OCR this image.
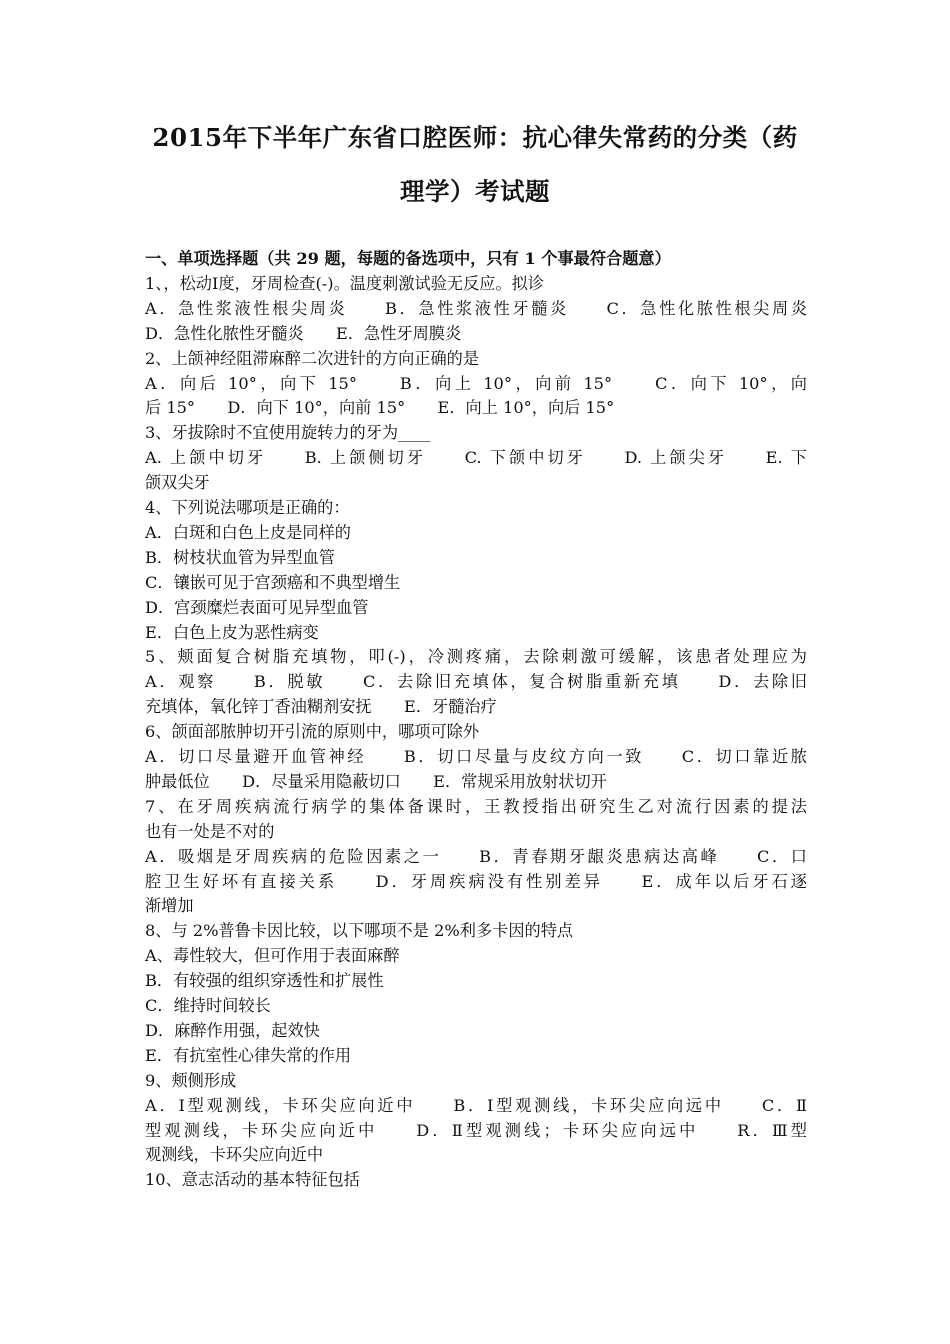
2015年下半年广东省口腔医师：抗心律失常药的分类（药
理学）考试题
一、单项选择题（共 29 题，每题的备选项中，只有 1 个事最符合题意）
1、，松动Ⅰ度，牙周检查(-)。温度刺激试验无反应。拟诊
A．急性浆液性根尖周炎　　B．急性浆液性牙髓炎　　C．急性化脓性根尖周炎
D．急性化脓性牙髓炎　　E．急性牙周膜炎
2、上颌神经阻滞麻醉二次进针的方向正确的是
A．向后 10°，向下 15°　　B．向上 10°，向前 15°　　C．向下 10°，向
后 15°　　D．向下 10°，向前 15°　　E．向上 10°，向后 15°
3、牙拔除时不宜使用旋转力的牙为____
A. 上颌中切牙　　B. 上颌侧切牙　　C. 下颌中切牙　　D. 上颌尖牙　　E. 下
颌双尖牙
4、下列说法哪项是正确的：
A．白斑和白色上皮是同样的
B．树枝状血管为异型血管
C．镶嵌可见于宫颈癌和不典型增生
D．宫颈糜烂表面可见异型血管
E．白色上皮为恶性病变
5、颊面复合树脂充填物，叩(-)，冷测疼痛，去除刺激可缓解，该患者处理应为
A．观察　　B．脱敏　　C．去除旧充填体，复合树脂重新充填　　D．去除旧
充填体，氧化锌丁香油糊剂安抚　　E．牙髓治疗
6、颌面部脓肿切开引流的原则中，哪项可除外
A．切口尽量避开血管神经　　B．切口尽量与皮纹方向一致　　C．切口靠近脓
肿最低位　　D．尽量采用隐蔽切口　　E．常规采用放射状切开
7、在牙周疾病流行病学的集体备课时，王教授指出研究生乙对流行因素的提法
也有一处是不对的
A．吸烟是牙周疾病的危险因素之一　　B．青春期牙龈炎患病达高峰　　C．口
腔卫生好坏有直接关系　　D．牙周疾病没有性别差异　　E．成年以后牙石逐
渐增加
8、与 2%普鲁卡因比较，以下哪项不是 2%利多卡因的特点
A、毒性较大，但可作用于表面麻醉
B．有较强的组织穿透性和扩展性
C．维持时间较长
D．麻醉作用强，起效快
E．有抗室性心律失常的作用
9、颊侧形成
A．Ⅰ型观测线，卡环尖应向近中　　B．Ⅰ型观测线，卡环尖应向远中　　C．Ⅱ
型观测线，卡环尖应向近中　　D．Ⅱ型观测线；卡环尖应向远中　　R．Ⅲ型
观测线，卡环尖应向近中
10、意志活动的基本特征包括
